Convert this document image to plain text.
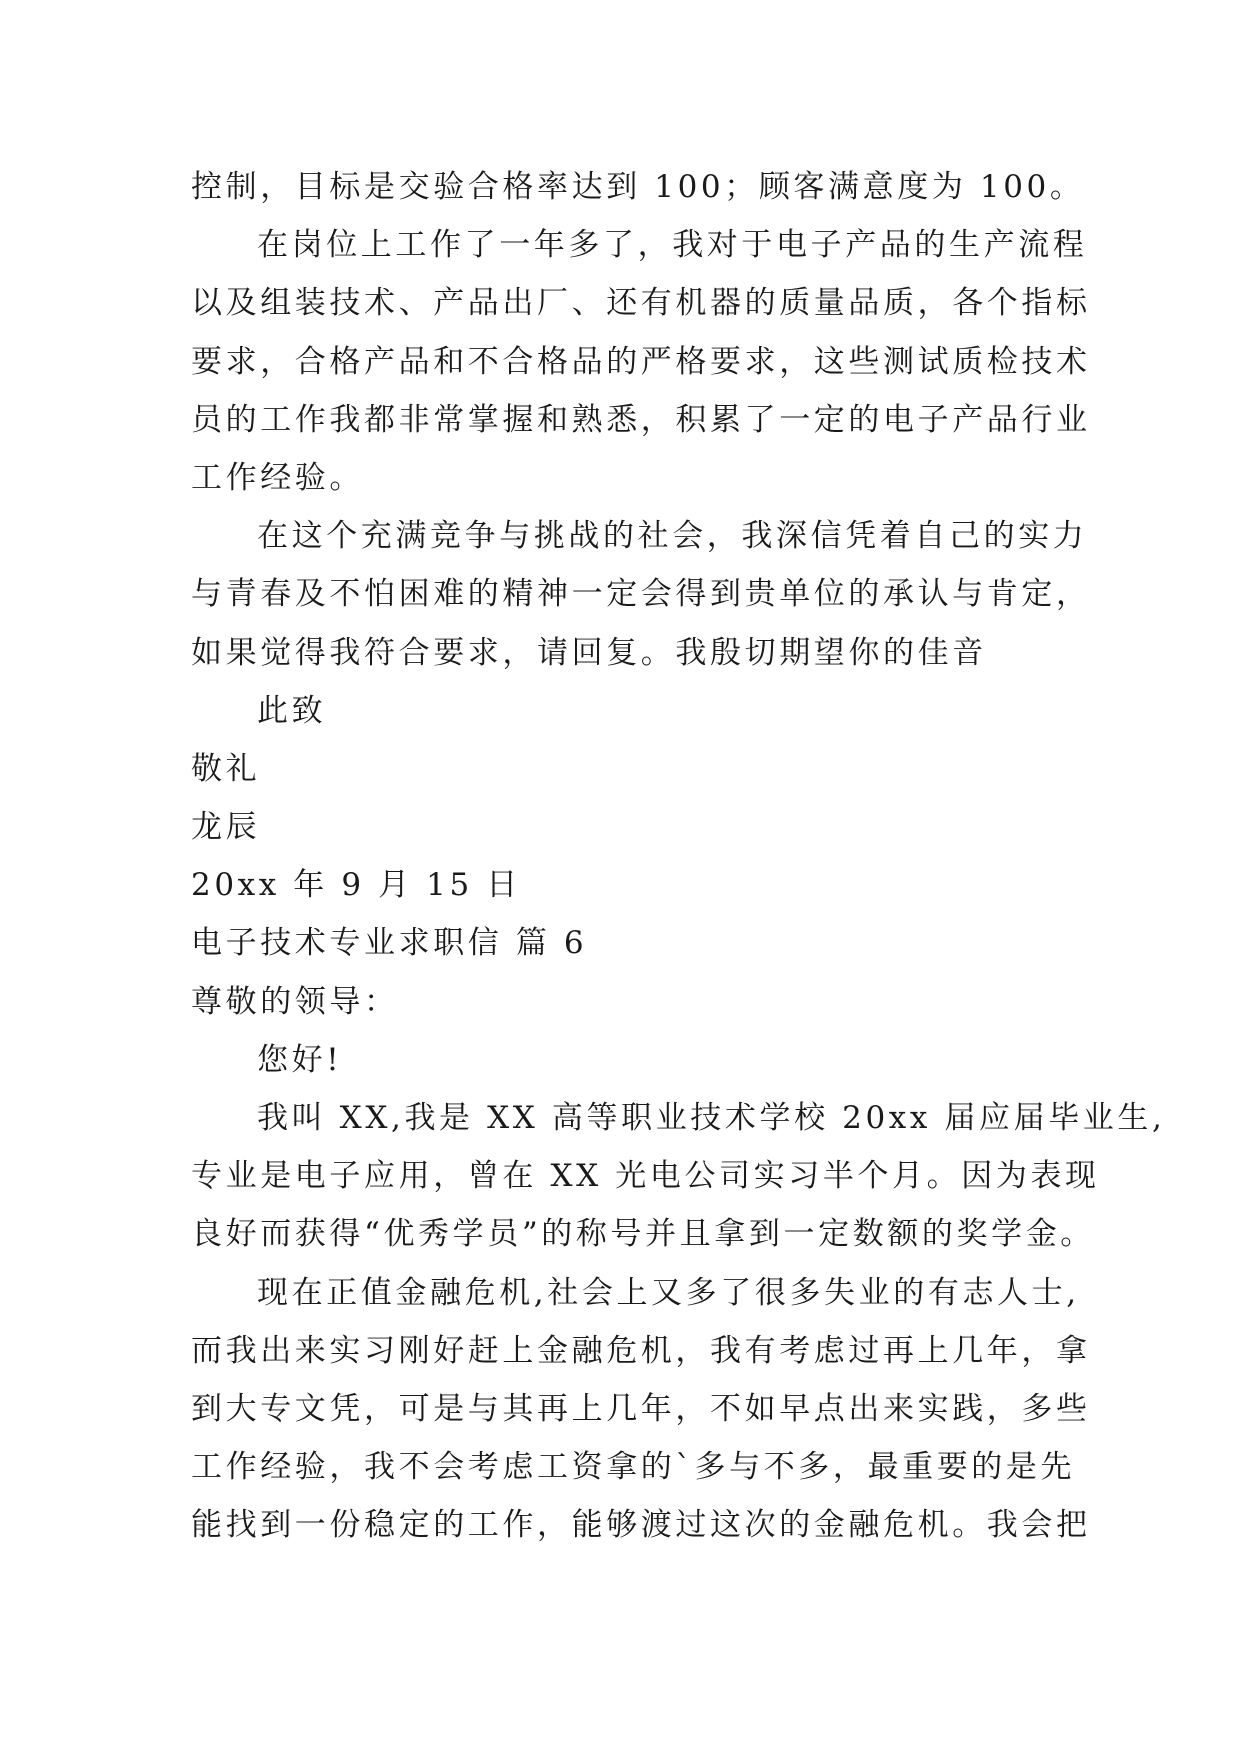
控制，目标是交验合格率达到 100；顾客满意度为 100。
在岗位上工作了一年多了，我对于电子产品的生产流程
以及组装技术、产品出厂、还有机器的质量品质，各个指标
要求，合格产品和不合格品的严格要求，这些测试质检技术
员的工作我都非常掌握和熟悉，积累了一定的电子产品行业
工作经验。
在这个充满竞争与挑战的社会，我深信凭着自己的实力
与青春及不怕困难的精神一定会得到贵单位的承认与肯定，
如果觉得我符合要求，请回复。我殷切期望你的佳音
此致
敬礼
龙辰
20xx 年 9 月 15 日
电子技术专业求职信 篇 6
尊敬的领导：
您好!
我叫 XX,我是 XX 高等职业技术学校 20xx 届应届毕业生,
专业是电子应用，曾在 XX 光电公司实习半个月。因为表现
良好而获得“优秀学员”的称号并且拿到一定数额的奖学金。
现在正值金融危机,社会上又多了很多失业的有志人士,
而我出来实习刚好赶上金融危机，我有考虑过再上几年，拿
到大专文凭，可是与其再上几年，不如早点出来实践，多些
工作经验，我不会考虑工资拿的`多与不多，最重要的是先
能找到一份稳定的工作，能够渡过这次的金融危机。我会把
